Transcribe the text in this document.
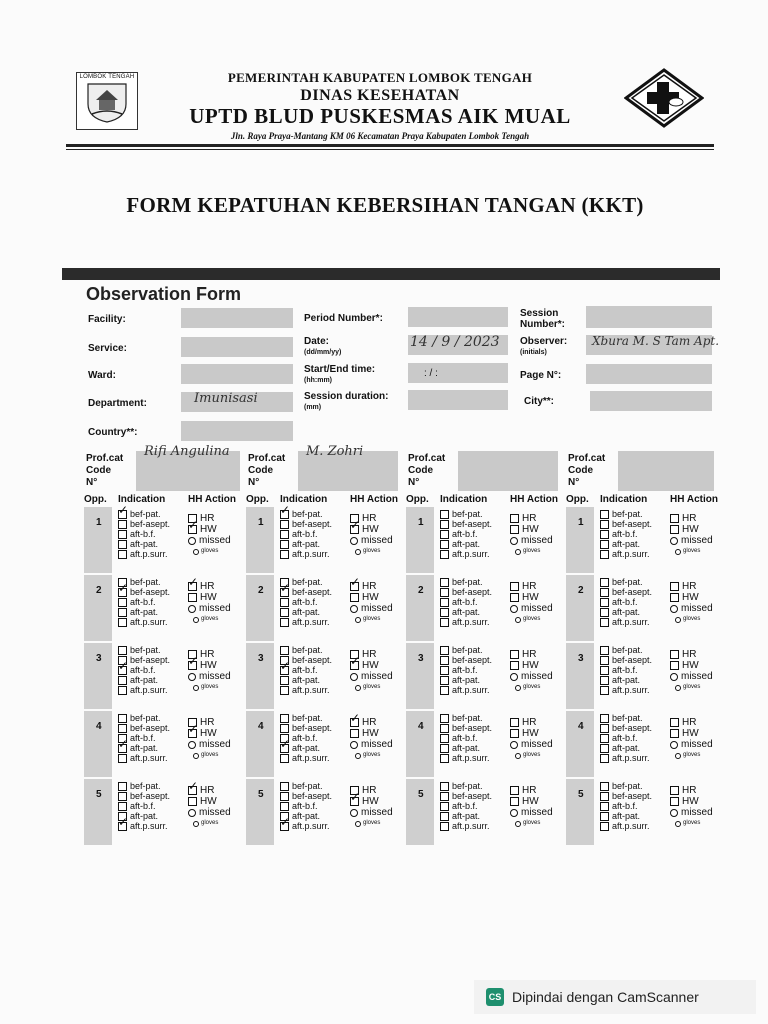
LOMBOK TENGAH	PEMERINTAH KABUPATEN LOMBOK TENGAH
DINAS KESEHATAN
UPTD BLUD PUSKESMAS AIK MUAL
Jln. Raya Praya-Mantang KM 06 Kecamatan Praya Kabupaten Lombok Tengah
FORM KEPATUHAN KEBERSIHAN TANGAN (KKT)
Observation Form
Facility:
Service:
Ward:
Department:	Imunisasi
Country**:
Period Number*:
Date:
(dd/mm/yy)
14 / 9 / 2023
Start/End time:
(hh:mm)
: / :
Session duration:
(mm)
Session Number*:
Observer:
(initials)
Xbura M. S Tam Apt.
Page N°:
City**:
Prof.cat
Code
N°
Rifi Angulina
Opp. Indication HH Action
1
✓
bef-pat.
bef-asept.
aft-b.f.
aft-pat.
aft.p.surr.
HR
✓
HW
missed
gloves
2
bef-pat.
✓
bef-asept.
aft-b.f.
aft-pat.
aft.p.surr.
✓
HR
HW
missed
gloves
3
bef-pat.
bef-asept.
✓
aft-b.f.
aft-pat.
aft.p.surr.
HR
✓
HW
missed
gloves
4
bef-pat.
bef-asept.
aft-b.f.
✓
aft-pat.
aft.p.surr.
HR
✓
HW
missed
gloves
5
bef-pat.
bef-asept.
aft-b.f.
aft-pat.
✓
aft.p.surr.
✓
HR
HW
missed
gloves
Prof.cat
Code
N°
M. Zohri
Opp. Indication HH Action
1
✓
bef-pat.
bef-asept.
aft-b.f.
aft-pat.
aft.p.surr.
HR
✓
HW
missed
gloves
2
bef-pat.
✓
bef-asept.
aft-b.f.
aft-pat.
aft.p.surr.
✓
HR
HW
missed
gloves
3
bef-pat.
bef-asept.
✓
aft-b.f.
aft-pat.
aft.p.surr.
HR
✓
HW
missed
gloves
4
bef-pat.
bef-asept.
aft-b.f.
✓
aft-pat.
aft.p.surr.
✓
HR
HW
missed
gloves
5
bef-pat.
bef-asept.
aft-b.f.
aft-pat.
✓
aft.p.surr.
HR
✓
HW
missed
gloves
Prof.cat
Code
N°
Opp. Indication HH Action
1
bef-pat.
bef-asept.
aft-b.f.
aft-pat.
aft.p.surr.
HR
HW
missed
gloves
2
bef-pat.
bef-asept.
aft-b.f.
aft-pat.
aft.p.surr.
HR
HW
missed
gloves
3
bef-pat.
bef-asept.
aft-b.f.
aft-pat.
aft.p.surr.
HR
HW
missed
gloves
4
bef-pat.
bef-asept.
aft-b.f.
aft-pat.
aft.p.surr.
HR
HW
missed
gloves
5
bef-pat.
bef-asept.
aft-b.f.
aft-pat.
aft.p.surr.
HR
HW
missed
gloves
Prof.cat
Code
N°
Opp. Indication HH Action
1
bef-pat.
bef-asept.
aft-b.f.
aft-pat.
aft.p.surr.
HR
HW
missed
gloves
2
bef-pat.
bef-asept.
aft-b.f.
aft-pat.
aft.p.surr.
HR
HW
missed
gloves
3
bef-pat.
bef-asept.
aft-b.f.
aft-pat.
aft.p.surr.
HR
HW
missed
gloves
4
bef-pat.
bef-asept.
aft-b.f.
aft-pat.
aft.p.surr.
HR
HW
missed
gloves
5
bef-pat.
bef-asept.
aft-b.f.
aft-pat.
aft.p.surr.
HR
HW
missed
gloves
CS Dipindai dengan CamScanner
